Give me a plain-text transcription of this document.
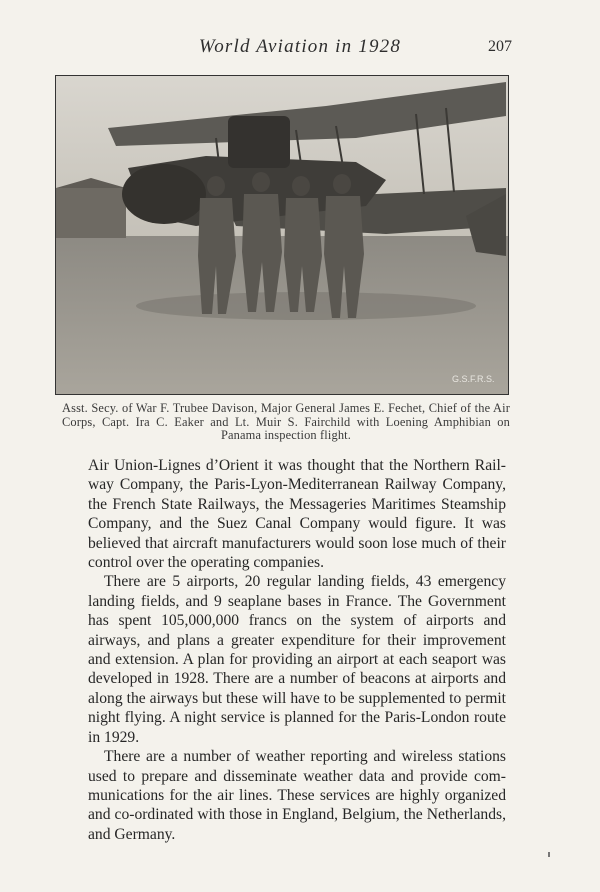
World Aviation in 1928	207
G.S.F.R.S.
Asst. Secy. of War F. Trubee Davison, Major General James E. Fechet, Chief of the Air Corps, Capt. Ira C. Eaker and Lt. Muir S. Fairchild with Loening Amphibian on Panama inspection flight.

Air Union-Lignes d’Orient it was thought that the Northern Railway Company, the Paris-Lyon-Mediterranean Railway Company, the French State Railways, the Messageries Maritimes Steamship Company, and the Suez Canal Company would figure. It was believed that aircraft manufacturers would soon lose much of their control over the operating companies.

There are 5 airports, 20 regular landing fields, 43 emergency landing fields, and 9 seaplane bases in France. The Government has spent 105,000,000 francs on the system of airports and airways, and plans a greater expenditure for their improvement and extension. A plan for providing an airport at each seaport was developed in 1928. There are a number of beacons at airports and along the airways but these will have to be supplemented to permit night flying. A night service is planned for the Paris-London route in 1929.

There are a number of weather reporting and wireless stations used to prepare and disseminate weather data and provide communications for the air lines. These services are highly organized and co-ordinated with those in England, Belgium, the Netherlands, and Germany.
